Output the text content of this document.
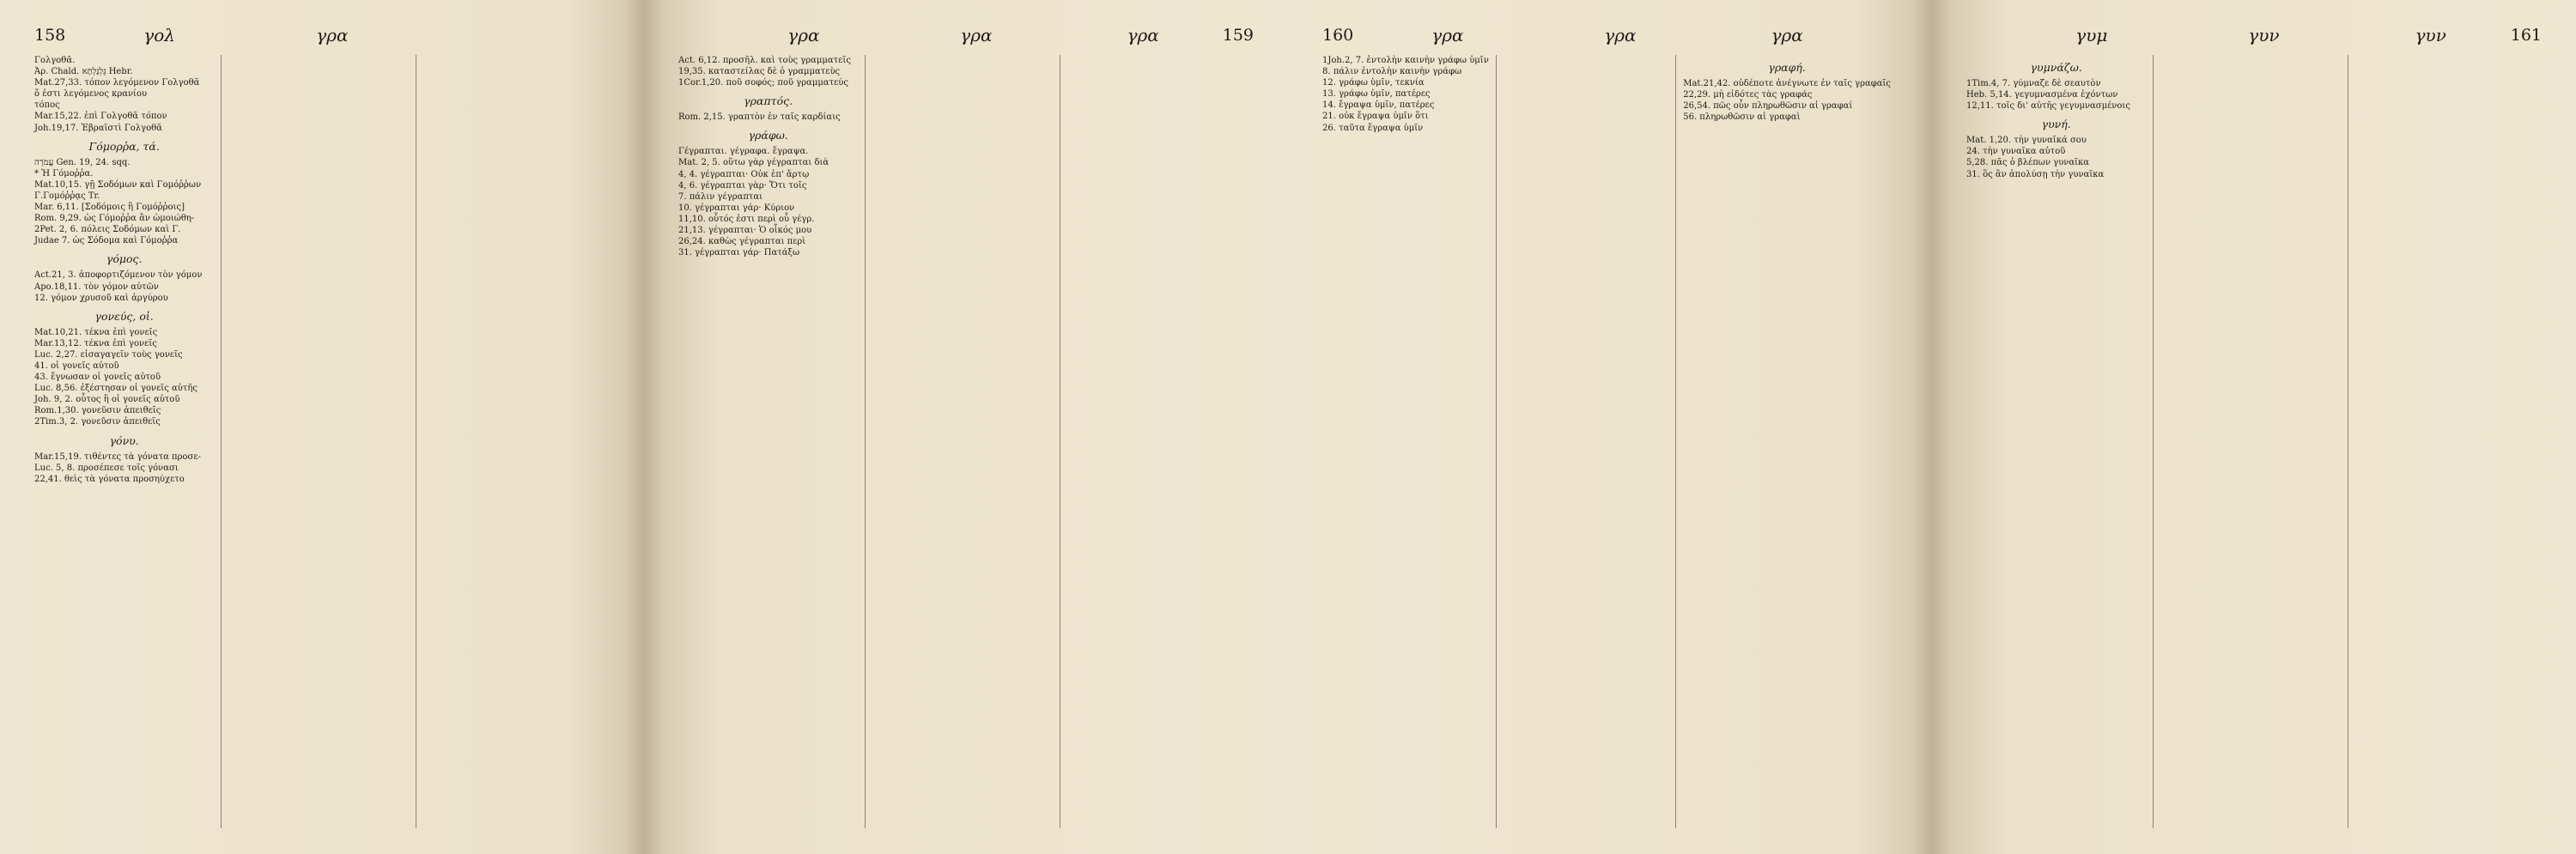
158	γολ	γρα
Γολγοθᾶ.
Ἀρ. Chald. גֻּלְגָּלְתָּא Hebr.
Mat.27,33. τόπον λεγόμενον Γολγοθᾶ
ὅ ἐστι λεγόμενος κρανίου
τόπος
Mar.15,22. ἐπὶ Γολγοθᾶ τόπον
Joh.19,17. Ἑβραϊστὶ Γολγοθᾶ
Γόμορῥα, τά.
עֲמֹרָה Gen. 19, 24. sqq.
* Ἡ Γόμοῤῥα.
Mat.10,15. γῇ Σοδόμων καὶ Γομόῤῥων
Γ.Γομόῤῥᾳς Tr.
Mar. 6,11. [Σοδόμοις ἢ Γομόῤῥοις]
Rom. 9,29. ὡς Γόμοῤῥα ἂν ὡμοιώθη-
2Pet. 2, 6. πόλεις Σοδόμων καὶ Γ.
Judae 7. ὡς Σόδομα καὶ Γόμοῤῥα
γόμος.
Act.21, 3. ἀποφορτιζόμενον τὸν γόμον
Apo.18,11. τὸν γόμον αὐτῶν
12. γόμον χρυσοῦ καὶ ἀργύρου
γονεύς, οἱ.
Mat.10,21. τέκνα ἐπὶ γονεῖς
Mar.13,12. τέκνα ἐπὶ γονεῖς
Luc. 2,27. εἰσαγαγεῖν τοὺς γονεῖς
41. οἱ γονεῖς αὐτοῦ
43. ἔγνωσαν οἱ γονεῖς αὐτοῦ
Luc. 8,56. ἐξέστησαν οἱ γονεῖς αὐτῆς
Joh. 9, 2. οὗτος ἢ οἱ γονεῖς αὐτοῦ
Rom.1,30. γονεῦσιν ἀπειθεῖς
2Tim.3, 2. γονεῦσιν ἀπειθεῖς
γόνυ.
Mar.15,19. τιθέντες τὰ γόνατα προσε-
Luc. 5, 8. προσέπεσε τοῖς γόνασι
22,41. θεὶς τὰ γόνατα προσηύχετο
159
γρα	γρα	γρα
Act. 6,12. προσῆλ. καὶ τοὺς γραμματεῖς
19,35. καταστείλας δὲ ὁ γραμματεὺς
1Cor.1,20. ποῦ σοφός; ποῦ γραμματεύς
γραπτός.
Rom. 2,15. γραπτὸν ἐν ταῖς καρδίαις
γράφω.
Γέγραπται. γέγραφα. ἔγραψα.
Mat. 2, 5. οὕτω γὰρ γέγραπται διὰ
4, 4. γέγραπται· Οὐκ ἐπ' ἄρτῳ
4, 6. γέγραπται γὰρ· Ὅτι τοῖς
7. πάλιν γέγραπται
10. γέγραπται γάρ· Κύριον
11,10. οὗτός ἐστι περὶ οὗ γέγρ.
21,13. γέγραπται· Ὁ οἶκός μου
26,24. καθὼς γέγραπται περὶ
31. γέγραπται γάρ· Πατάξω
160	γρα	γρα	γρα
1Joh.2, 7. ἐντολὴν καινὴν γράφω ὑμῖν
8. πάλιν ἐντολὴν καινὴν γράφω
12. γράφω ὑμῖν, τεκνία
13. γράφω ὑμῖν, πατέρες
14. ἔγραψα ὑμῖν, πατέρες
21. οὐκ ἔγραψα ὑμῖν ὅτι
26. ταῦτα ἔγραψα ὑμῖν
γραφή.
Mat.21,42. οὐδέποτε ἀνέγνωτε ἐν ταῖς γραφαῖς
22,29. μὴ εἰδότες τὰς γραφάς
26,54. πῶς οὖν πληρωθῶσιν αἱ γραφαί
56. πληρωθῶσιν αἱ γραφαὶ
161
γυμ	γυν	γυν
γυμνάζω.
1Tim.4, 7. γύμναζε δὲ σεαυτὸν
Heb. 5,14. γεγυμνασμένα ἐχόντων
12,11. τοῖς δι' αὐτῆς γεγυμνασμένοις
γυνή.
Mat. 1,20. τὴν γυναῖκά σου
24. τὴν γυναῖκα αὐτοῦ
5,28. πᾶς ὁ βλέπων γυναῖκα
31. ὃς ἂν ἀπολύσῃ τὴν γυναῖκα
